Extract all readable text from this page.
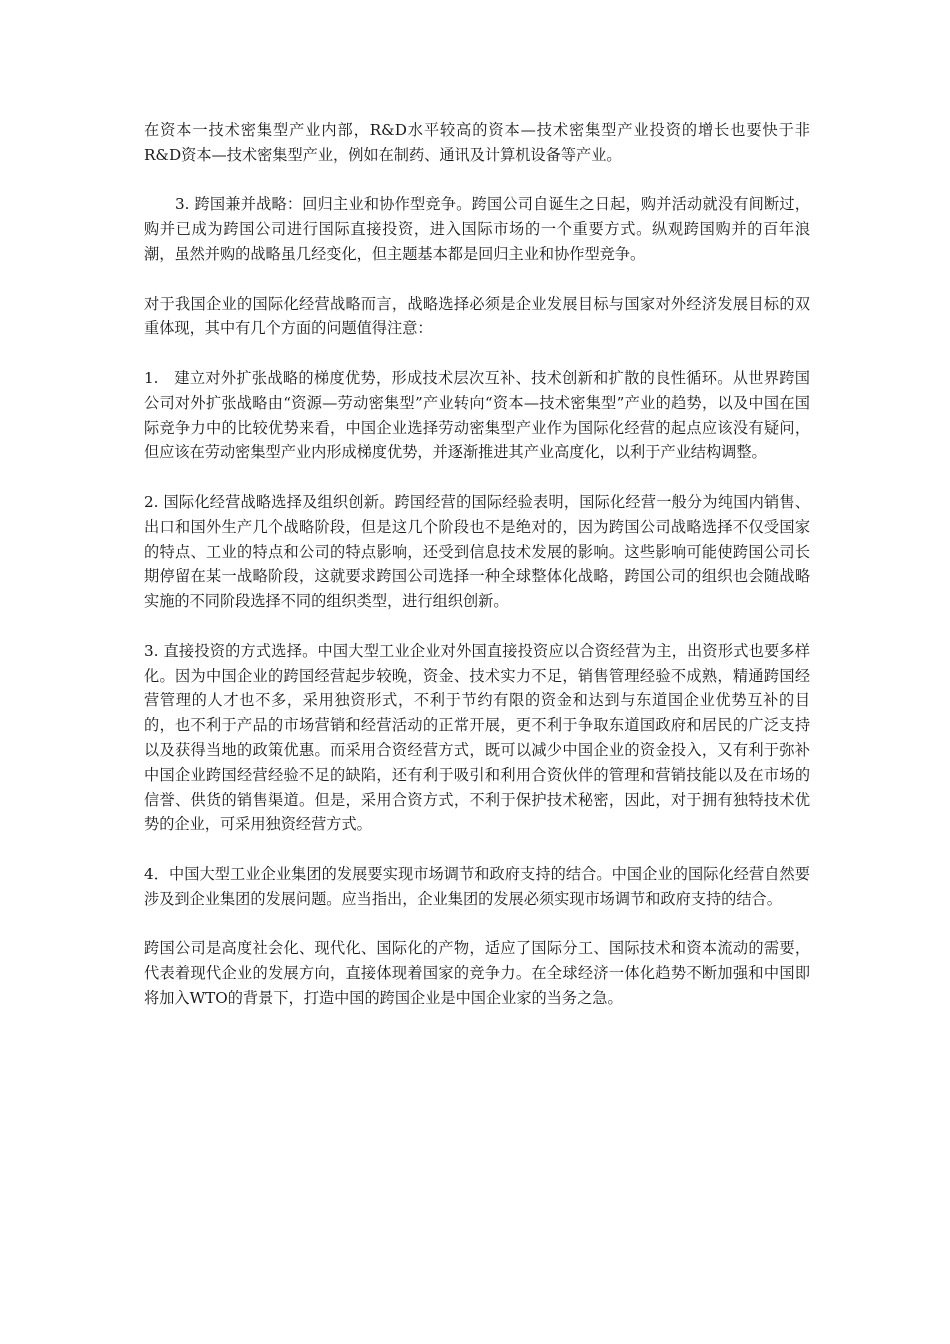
在资本一技术密集型产业内部，R&D水平较高的资本—技术密集型产业投资的增长也要快于非R&D资本—技术密集型产业，例如在制药、通讯及计算机设备等产业。

3. 跨国兼并战略：回归主业和协作型竞争。跨国公司自诞生之日起，购并活动就没有间断过，购并已成为跨国公司进行国际直接投资，进入国际市场的一个重要方式。纵观跨国购并的百年浪潮，虽然并购的战略虽几经变化，但主题基本都是回归主业和协作型竞争。

对于我国企业的国际化经营战略而言，战略选择必须是企业发展目标与国家对外经济发展目标的双重体现，其中有几个方面的问题值得注意：

1.　建立对外扩张战略的梯度优势，形成技术层次互补、技术创新和扩散的良性循环。从世界跨国公司对外扩张战略由“资源—劳动密集型”产业转向“资本—技术密集型”产业的趋势，以及中国在国际竞争力中的比较优势来看，中国企业选择劳动密集型产业作为国际化经营的起点应该没有疑问，但应该在劳动密集型产业内形成梯度优势，并逐渐推进其产业高度化，以利于产业结构调整。

2. 国际化经营战略选择及组织创新。跨国经营的国际经验表明，国际化经营一般分为纯国内销售、出口和国外生产几个战略阶段，但是这几个阶段也不是绝对的，因为跨国公司战略选择不仅受国家的特点、工业的特点和公司的特点影响，还受到信息技术发展的影响。这些影响可能使跨国公司长期停留在某一战略阶段，这就要求跨国公司选择一种全球整体化战略，跨国公司的组织也会随战略实施的不同阶段选择不同的组织类型，进行组织创新。

3. 直接投资的方式选择。中国大型工业企业对外国直接投资应以合资经营为主，出资形式也要多样化。因为中国企业的跨国经营起步较晚，资金、技术实力不足，销售管理经验不成熟，精通跨国经营管理的人才也不多，采用独资形式，不利于节约有限的资金和达到与东道国企业优势互补的目的，也不利于产品的市场营销和经营活动的正常开展，更不利于争取东道国政府和居民的广泛支持以及获得当地的政策优惠。而采用合资经营方式，既可以减少中国企业的资金投入，又有利于弥补中国企业跨国经营经验不足的缺陷，还有利于吸引和利用合资伙伴的管理和营销技能以及在市场的信誉、供货的销售渠道。但是，采用合资方式，不利于保护技术秘密，因此，对于拥有独特技术优势的企业，可采用独资经营方式。

4．中国大型工业企业集团的发展要实现市场调节和政府支持的结合。中国企业的国际化经营自然要涉及到企业集团的发展问题。应当指出，企业集团的发展必须实现市场调节和政府支持的结合。

跨国公司是高度社会化、现代化、国际化的产物，适应了国际分工、国际技术和资本流动的需要，代表着现代企业的发展方向，直接体现着国家的竞争力。在全球经济一体化趋势不断加强和中国即将加入WTO的背景下，打造中国的跨国企业是中国企业家的当务之急。
